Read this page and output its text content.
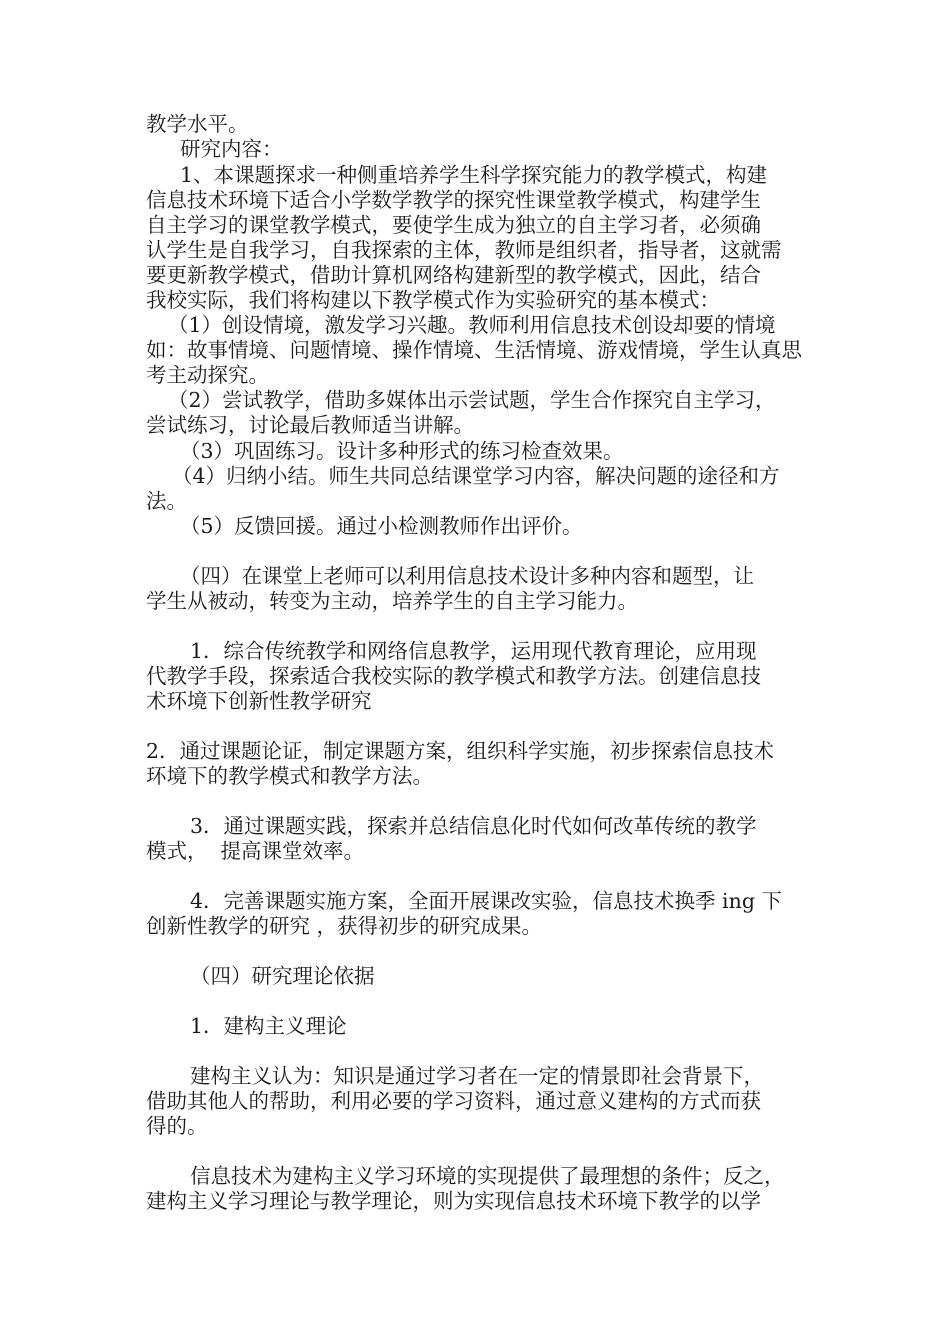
教学水平。
研究内容：
1、本课题探求一种侧重培养学生科学探究能力的教学模式，构建
信息技术环境下适合小学数学教学的探究性课堂教学模式，构建学生
自主学习的课堂教学模式，要使学生成为独立的自主学习者，必须确
认学生是自我学习，自我探索的主体，教师是组织者，指导者，这就需
要更新教学模式，借助计算机网络构建新型的教学模式，因此，结合
我校实际，我们将构建以下教学模式作为实验研究的基本模式：
（1）创设情境，激发学习兴趣。教师利用信息技术创设却要的情境
如：故事情境、问题情境、操作情境、生活情境、游戏情境，学生认真思
考主动探究。
（2）尝试教学，借助多媒体出示尝试题，学生合作探究自主学习，
尝试练习，讨论最后教师适当讲解。
（3）巩固练习。设计多种形式的练习检查效果。
（4）归纳小结。师生共同总结课堂学习内容，解决问题的途径和方
法。
（5）反馈回援。通过小检测教师作出评价。
（四）在课堂上老师可以利用信息技术设计多种内容和题型，让
学生从被动，转变为主动，培养学生的自主学习能力。
1．综合传统教学和网络信息教学，运用现代教育理论，应用现
代教学手段，探索适合我校实际的教学模式和教学方法。创建信息技
术环境下创新性教学研究
2．通过课题论证，制定课题方案，组织科学实施，初步探索信息技术
环境下的教学模式和教学方法。
3．通过课题实践，探索并总结信息化时代如何改革传统的教学
模式，  提高课堂效率。
4．完善课题实施方案，全面开展课改实验，信息技术换季 ing 下
创新性教学的研究 ，获得初步的研究成果。
（四）研究理论依据
1．建构主义理论
建构主义认为：知识是通过学习者在一定的情景即社会背景下，
借助其他人的帮助，利用必要的学习资料，通过意义建构的方式而获
得的。
信息技术为建构主义学习环境的实现提供了最理想的条件；反之，
建构主义学习理论与教学理论，则为实现信息技术环境下教学的以学
